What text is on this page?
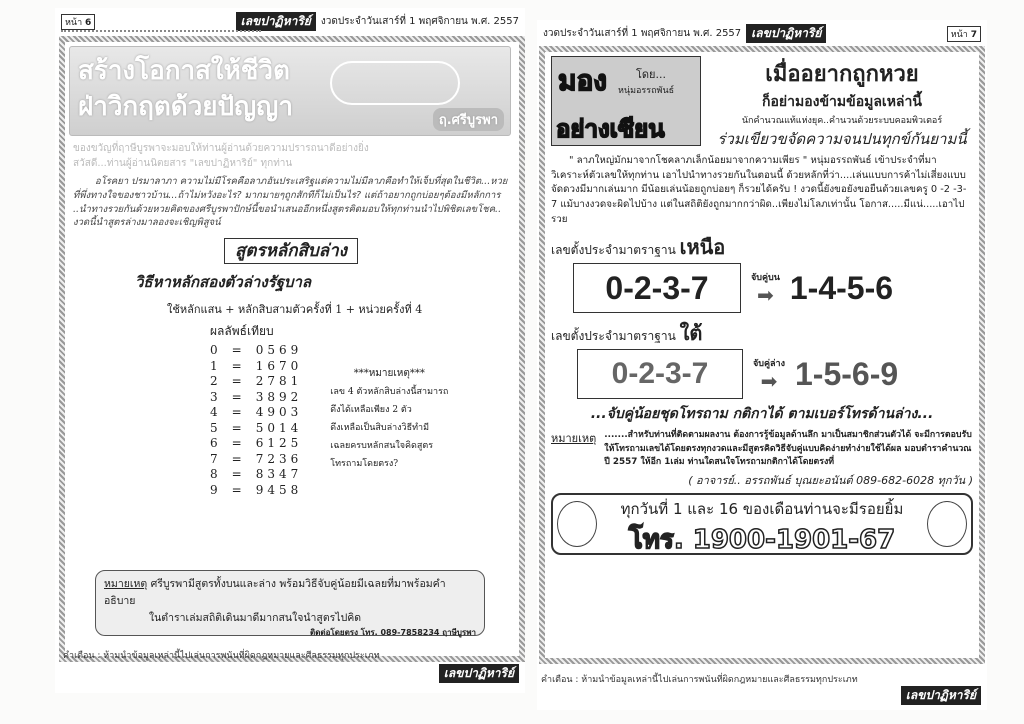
หน้า 6	เลขปาฏิหาริย์	งวดประจำวันเสาร์ที่ 1 พฤศจิกายน พ.ศ. 2557
สร้างโอกาสให้ชีวิต
ฝ่าวิกฤตด้วยปัญญา	ฤ.ศรีบูรพา

ของขวัญที่ฤาษีบูรพาจะมอบให้ท่านผู้อ่านด้วยความปรารถนาดีอย่างยิ่ง

สวัสดี...ท่านผู้อ่านนิตยสาร "เลขปาฏิหาริย์" ทุกท่าน

อโรคยา ปรมาลาภา ความไม่มีโรคคือลาภอันประเสริฐแต่ความไม่มีลาภคือทำให้เจ็บที่สุดในชีวิต...หวยที่พึ่งทางใจของชาวบ้าน...ถ้าไม่หวังอะไร? มากมายๆถูกสักทีก็ไม่เป็นไร? แต่ถ้าอยากถูกบ่อยๆต้องมีหลักการ ..นำทางรวยกันด้วยหวยคิดของศรีบูรพาปักษ์นี้ขอนำเสนออีกหนึ่งสูตรคิดมอบให้ทุกท่านนำไปพิชิตเลขโชค.. งวดนี้นำสูตรล่างมาลองจะเชิญพิสูจน์

สูตรหลักสิบล่าง
วิธีหาหลักสองตัวล่างรัฐบาล
ใช้หลักแสน + หลักสิบสามตัวครั้งที่ 1 + หน่วยครั้งที่ 4
ผลลัพธ์เทียบ
0 = 0569
1 = 1670
2 = 2781
3 = 3892
4 = 4903
5 = 5014
6 = 6125
7 = 7236
8 = 8347
9 = 9458
***หมายเหตุ***
เลข 4 ตัวหลักสิบล่างนี้สามารถ
ดึงได้เหลือเพียง 2 ตัว
ดึงเหลือเป็นสิบล่างวิธีทำมี
เฉลยครบหลักสนใจคิดสูตร
โทรถามโดยตรง?
หมายเหตุ ศรีบูรพามีสูตรทั้งบนและล่าง พร้อมวิธีจับคู่น้อยมีเฉลยที่มาพร้อมคำอธิบาย
ในตำราเล่มสถิติเดินมาดีมากสนใจนำสูตรไปคิด
ติดต่อโดยตรง โทร. 089-7858234 ฤาษีบูรพา
คำเตือน : ห้ามนำข้อมูลเหล่านี้ไปเล่นการพนันที่ผิดกฎหมายและศีลธรรมทุกประเภท
เลขปาฏิหาริย์
งวดประจำวันเสาร์ที่ 1 พฤศจิกายน พ.ศ. 2557 เลขปาฏิหาริย์	หน้า 7
มอง	โดย...
หนุ่มอรรถพันธ์
อย่างเซียน
เมื่ออยากถูกหวย
ก็อย่ามองข้ามข้อมูลเหล่านี้
นักคำนวณแท้แห่งยุค..คำนวนด้วยระบบคอมพิวเตอร์
ร่วมเขียวขจัดความจนปนทุกข์กันยามนี้

" ลาภใหญ่มักมาจากโชคลาภเล็กน้อยมาจากความเพียร " หนุ่มอรรถพันธ์ เข้าประจำที่มาวิเคราะห์ตัวเลขให้ทุกท่าน เอาไปนำทางรวยกันในตอนนี้ ด้วยหลักที่ว่า....เล่นแบบการค้าไม่เสี่ยงแบบจัดดวงมีมากเล่นมาก มีน้อยเล่นน้อยถูกบ่อยๆ ก็รวยได้ครับ ! งวดนี้ยังขอยังขอยืนด้วยเลขครู 0 -2 -3- 7 แม้บางงวดจะผิดไปบ้าง แต่ในสถิติยังถูกมากกว่าผิด..เพียงไม่โลภเท่านั้น โอกาส.....มีแน่.....เอาไปรวย

เลขตั้งประจำมาตราฐาน เหนือ
0-2-3-7	จับคู่บน
➡ 1-4-5-6
เลขตั้งประจำมาตราฐาน ใต้
0-2-3-7	จับคู่ล่าง
➡ 1-5-6-9
...จับคู่น้อยชุดโทรถาม กติกาได้ ตามเบอร์โทรด้านล่าง...
หมายเหตุ .......สำหรับท่านที่ติดตามผลงาน ต้องการรู้ข้อมูลด้านลึก มาเป็นสมาชิกส่วนตัวได้ จะมีการตอบรับให้โทรถามเลขได้โดยตรงทุกงวดและมีสูตรคิดวิธีจับคู่แบบคิดง่ายทำง่ายใช้ได้ผล มอบตำราคำนวณปี 2557 ให้อีก 1เล่ม ท่านใดสนใจโทรถามกติกาได้โดยตรงที่

( อาจารย์.. อรรถพันธ์ บุณยะอนันต์ 089-682-6028 ทุกวัน )
ทุกวันที่ 1 และ 16 ของเดือนท่านจะมีรอยยิ้ม
โทร. 1900-1901-67
คำเตือน : ห้ามนำข้อมูลเหล่านี้ไปเล่นการพนันที่ผิดกฎหมายและศีลธรรมทุกประเภท
เลขปาฏิหาริย์
